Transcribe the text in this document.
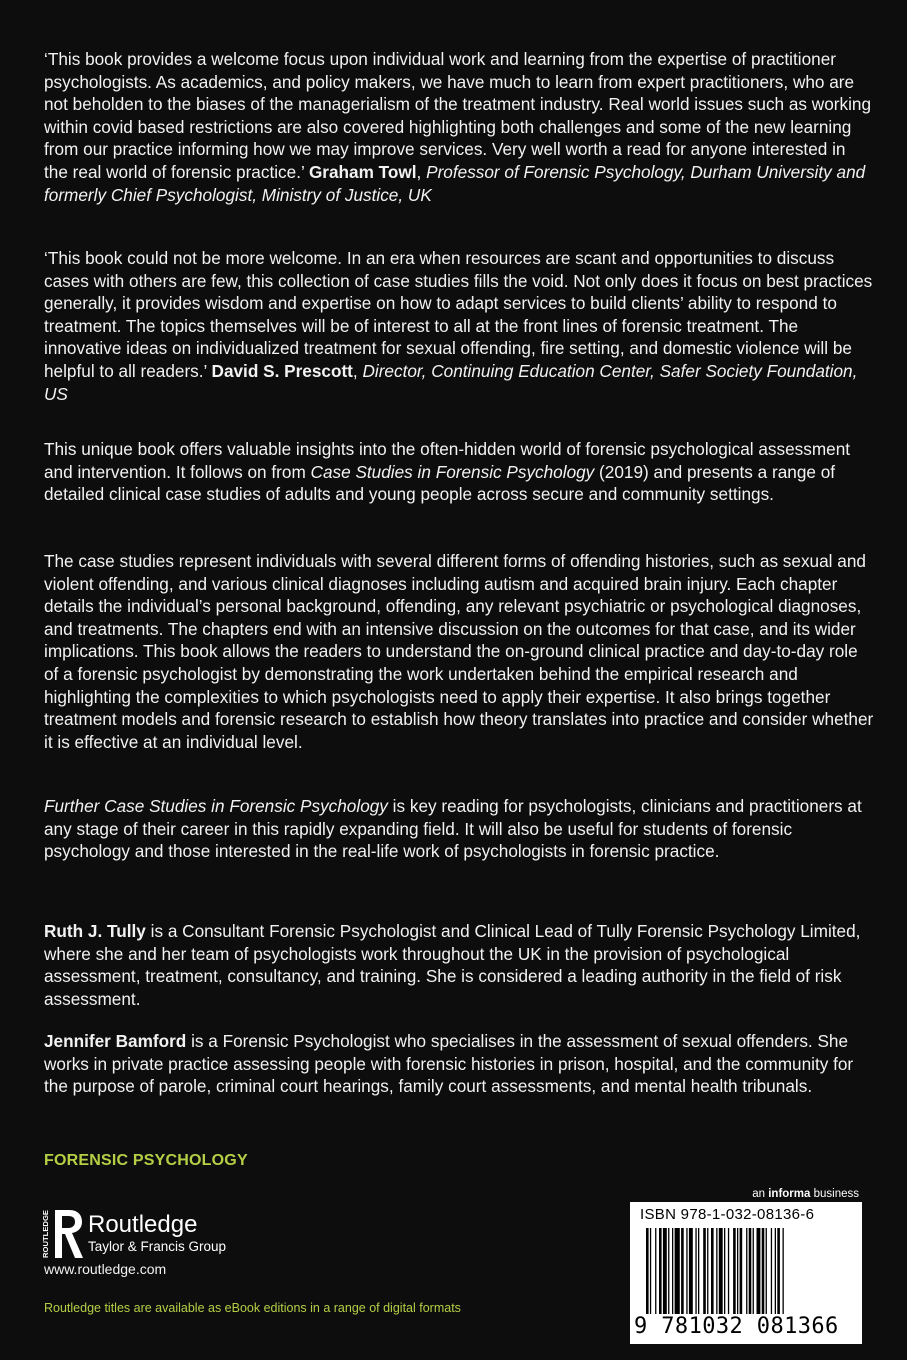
‘This book provides a welcome focus upon individual work and learning from the expertise of practitioner psychologists. As academics, and policy makers, we have much to learn from expert practitioners, who are not beholden to the biases of the managerialism of the treatment industry. Real world issues such as working within covid based restrictions are also covered highlighting both challenges and some of the new learning from our practice informing how we may improve services. Very well worth a read for anyone interested in the real world of forensic practice.’ Graham Towl, Professor of Forensic Psychology, Durham University and formerly Chief Psychologist, Ministry of Justice, UK

‘This book could not be more welcome. In an era when resources are scant and opportunities to discuss cases with others are few, this collection of case studies fills the void. Not only does it focus on best practices generally, it provides wisdom and expertise on how to adapt services to build clients’ ability to respond to treatment. The topics themselves will be of interest to all at the front lines of forensic treatment. The innovative ideas on individualized treatment for sexual offending, fire setting, and domestic violence will be helpful to all readers.’ David S. Prescott, Director, Continuing Education Center, Safer Society Foundation, US

This unique book offers valuable insights into the often-hidden world of forensic psychological assessment and intervention. It follows on from Case Studies in Forensic Psychology (2019) and presents a range of detailed clinical case studies of adults and young people across secure and community settings.

The case studies represent individuals with several different forms of offending histories, such as sexual and violent offending, and various clinical diagnoses including autism and acquired brain injury. Each chapter details the individual’s personal background, offending, any relevant psychiatric or psychological diagnoses, and treatments. The chapters end with an intensive discussion on the outcomes for that case, and its wider implications. This book allows the readers to understand the on-ground clinical practice and day-to-day role of a forensic psychologist by demonstrating the work undertaken behind the empirical research and highlighting the complexities to which psychologists need to apply their expertise. It also brings together treatment models and forensic research to establish how theory translates into practice and consider whether it is effective at an individual level.

Further Case Studies in Forensic Psychology is key reading for psychologists, clinicians and practitioners at any stage of their career in this rapidly expanding field. It will also be useful for students of forensic psychology and those interested in the real-life work of psychologists in forensic practice.

Ruth J. Tully is a Consultant Forensic Psychologist and Clinical Lead of Tully Forensic Psychology Limited, where she and her team of psychologists work throughout the UK in the provision of psychological assessment, treatment, consultancy, and training. She is considered a leading authority in the field of risk assessment.

Jennifer Bamford is a Forensic Psychologist who specialises in the assessment of sexual offenders. She works in private practice assessing people with forensic histories in prison, hospital, and the community for the purpose of parole, criminal court hearings, family court assessments, and mental health tribunals.

FORENSIC PSYCHOLOGY
ROUTLEDGE Routledge
Taylor & Francis Group
www.routledge.com
Routledge titles are available as eBook editions in a range of digital formats
an informa business
ISBN 978-1-032-08136-6
9 781032 081366
